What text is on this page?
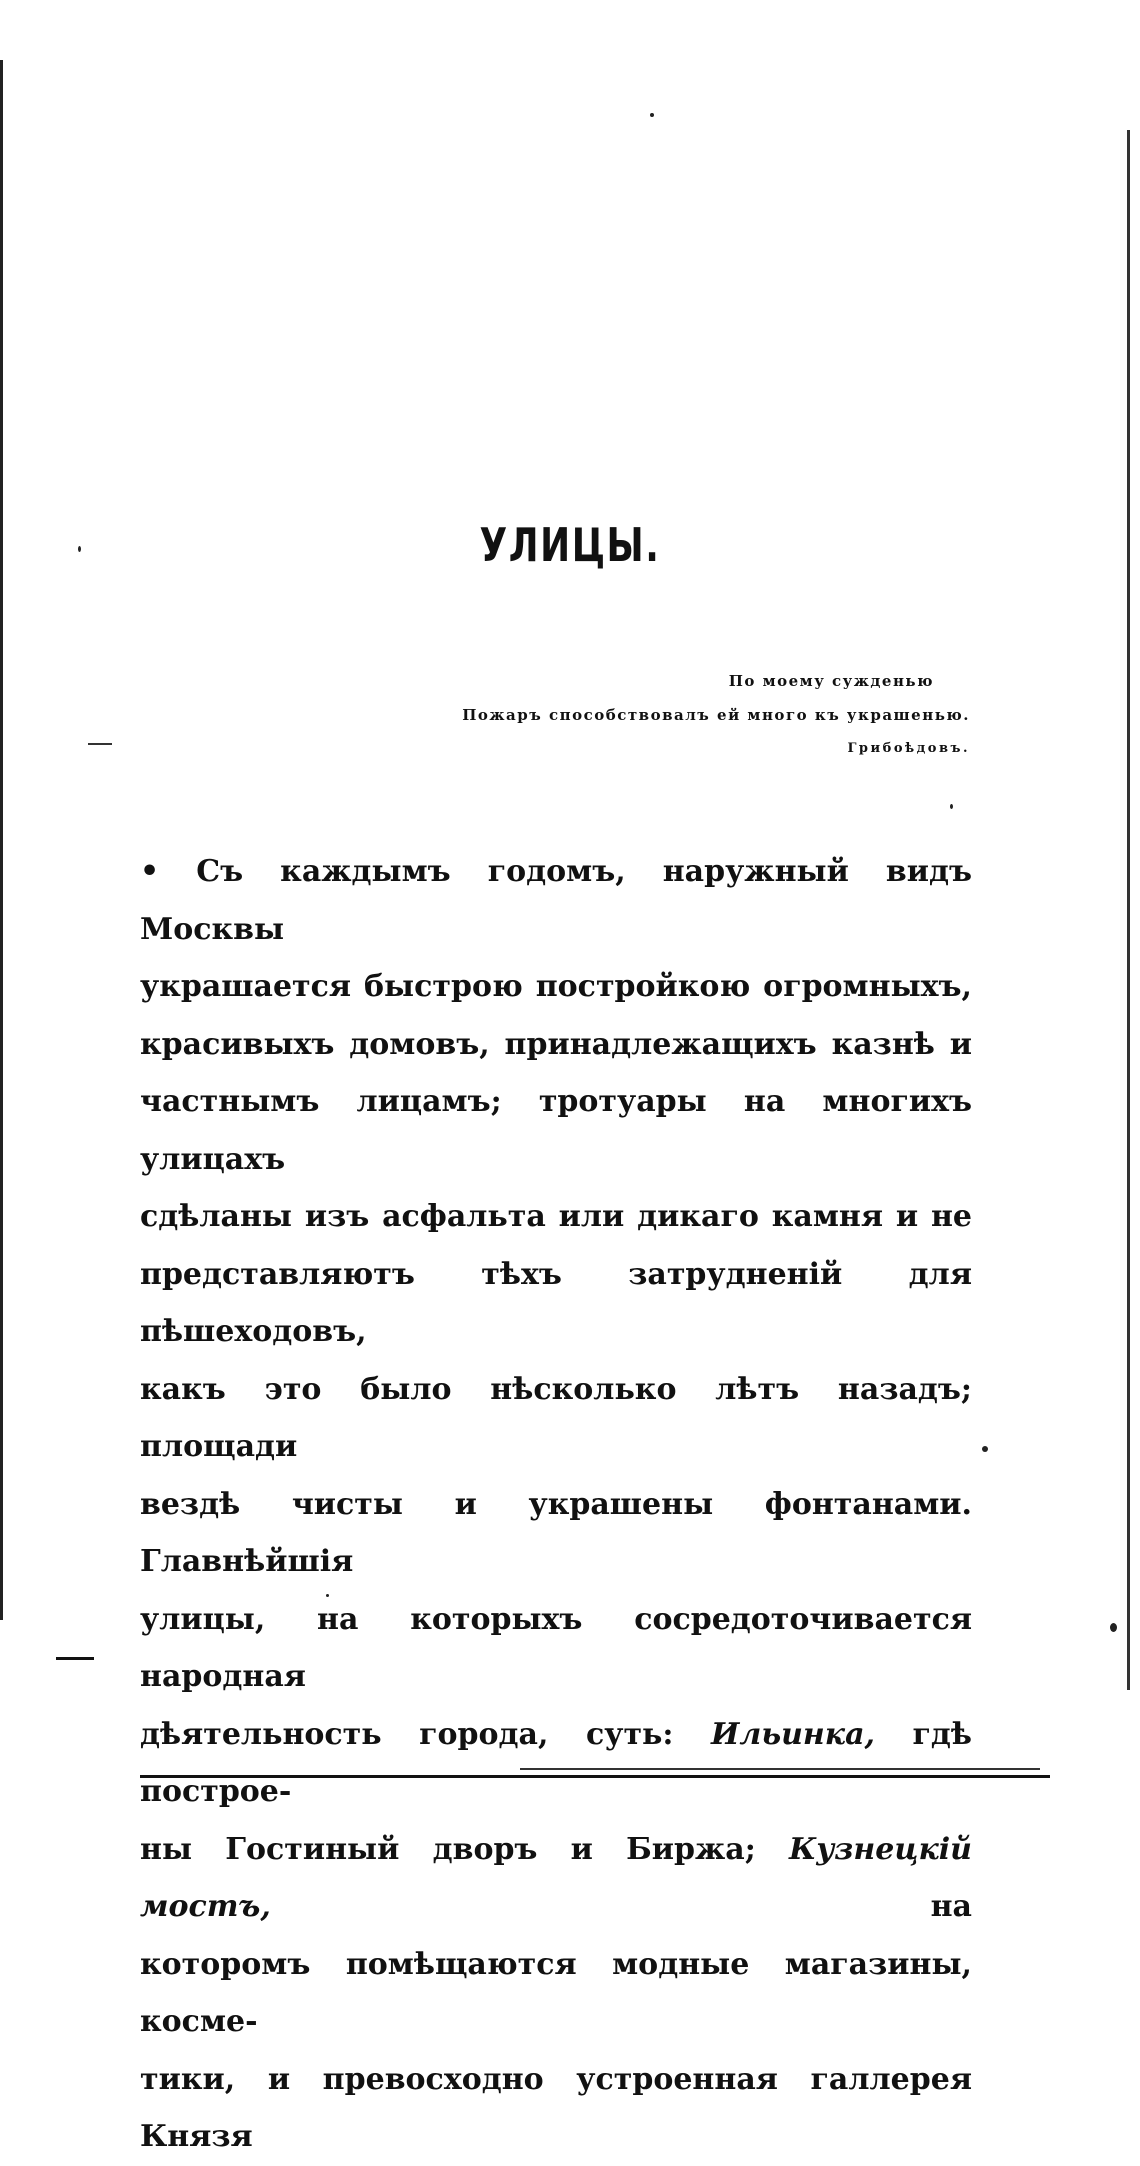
УЛИЦЫ.
По моему сужденью
Пожаръ способствовалъ ей много къ украшенью.
Грибоѣдовъ.
• Съ каждымъ годомъ, наружный видъ Москвы
украшается быстрою постройкою огромныхъ,
красивыхъ домовъ, принадлежащихъ казнѣ и
частнымъ лицамъ; тротуары на многихъ улицахъ
сдѣланы изъ асфальта или дикаго камня и не
представляютъ тѣхъ затрудненій для пѣшеходовъ,
какъ это было нѣсколько лѣтъ назадъ; площади
вездѣ чисты и украшены фонтанами. Главнѣйшія
улицы, на которыхъ сосредоточивается народная
дѣятельность города, суть: Ильинка, гдѣ построе-
ны Гостиный дворъ и Биржа; Кузнецкій мостъ, на
которомъ помѣщаются модные магазины, косме-
тики, и превосходно устроенная галлерея Князя
